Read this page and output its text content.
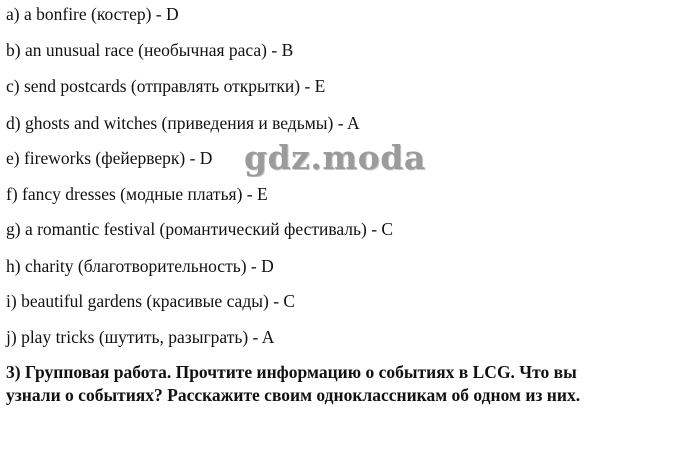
a) a bonfire (костер) - D
b) an unusual race (необычная раса) - B
c) send postcards (отправлять открытки) - E
d) ghosts and witches (приведения и ведьмы) - A
e) fireworks (фейерверк) - D
f) fancy dresses (модные платья) - E
g) a romantic festival (романтический фестиваль) - C
h) charity (благотворительность) - D
i) beautiful gardens (красивые сады) - C
j) play tricks (шутить, разыграть) - A
3) Групповая работа. Прочтите информацию о событиях в LCG. Что вы
узнали о событиях? Расскажите своим одноклассникам об одном из них.
gdz.moda
